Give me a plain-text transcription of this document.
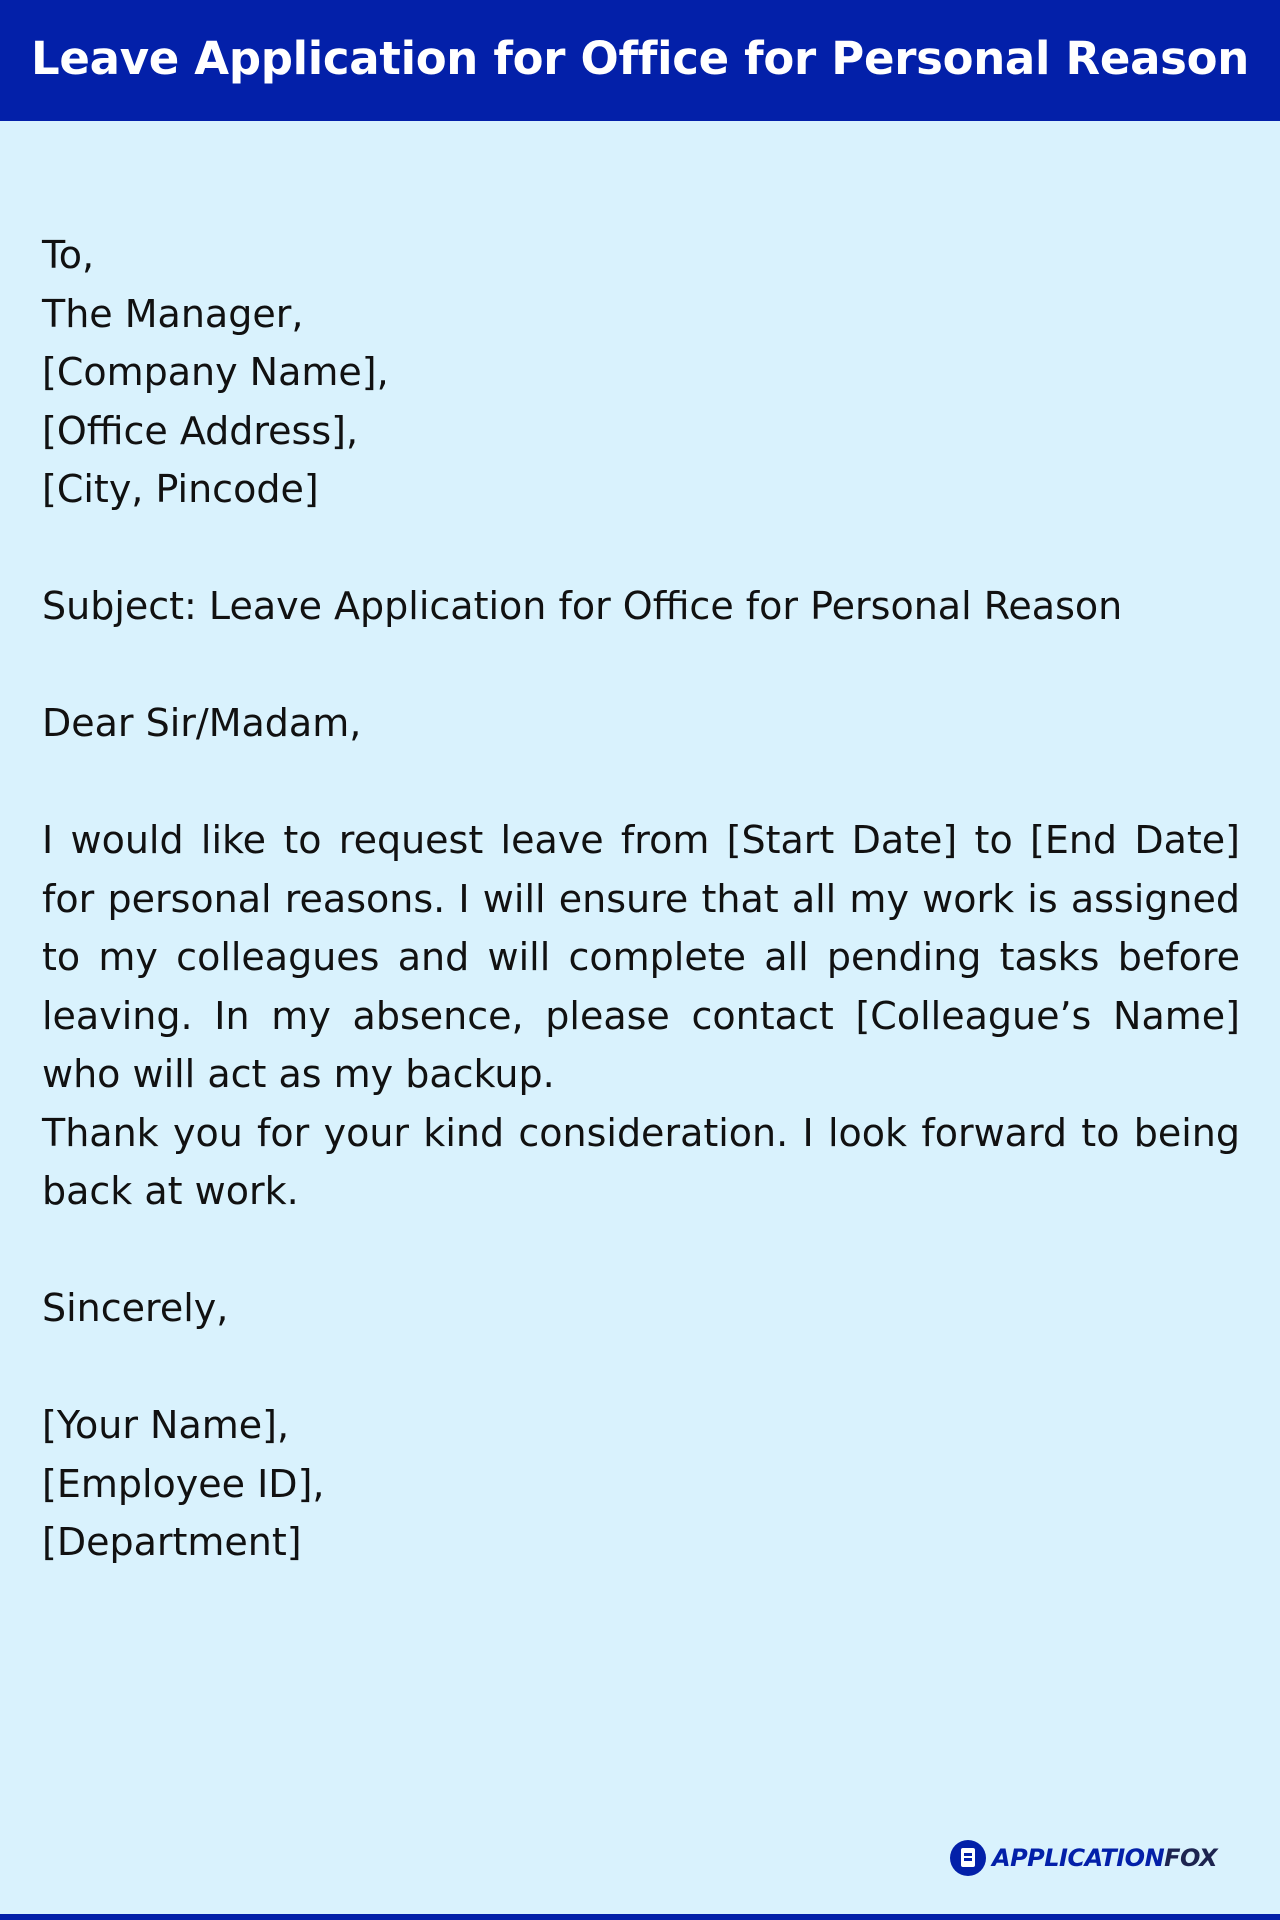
Leave Application for Office for Personal Reason
To,
The Manager,
[Company Name],
[Office Address],
[City, Pincode]
Subject: Leave Application for Office for Personal Reason
Dear Sir/Madam,
I would like to request leave from [Start Date] to [End Date] for personal reasons. I will ensure that all my work is assigned to my colleagues and will complete all pending tasks before leaving. In my absence, please contact [Colleague’s Name] who will act as my backup.
Thank you for your kind consideration. I look forward to being back at work.
Sincerely,
[Your Name],
[Employee ID],
[Department]
APPLICATIONFOX
